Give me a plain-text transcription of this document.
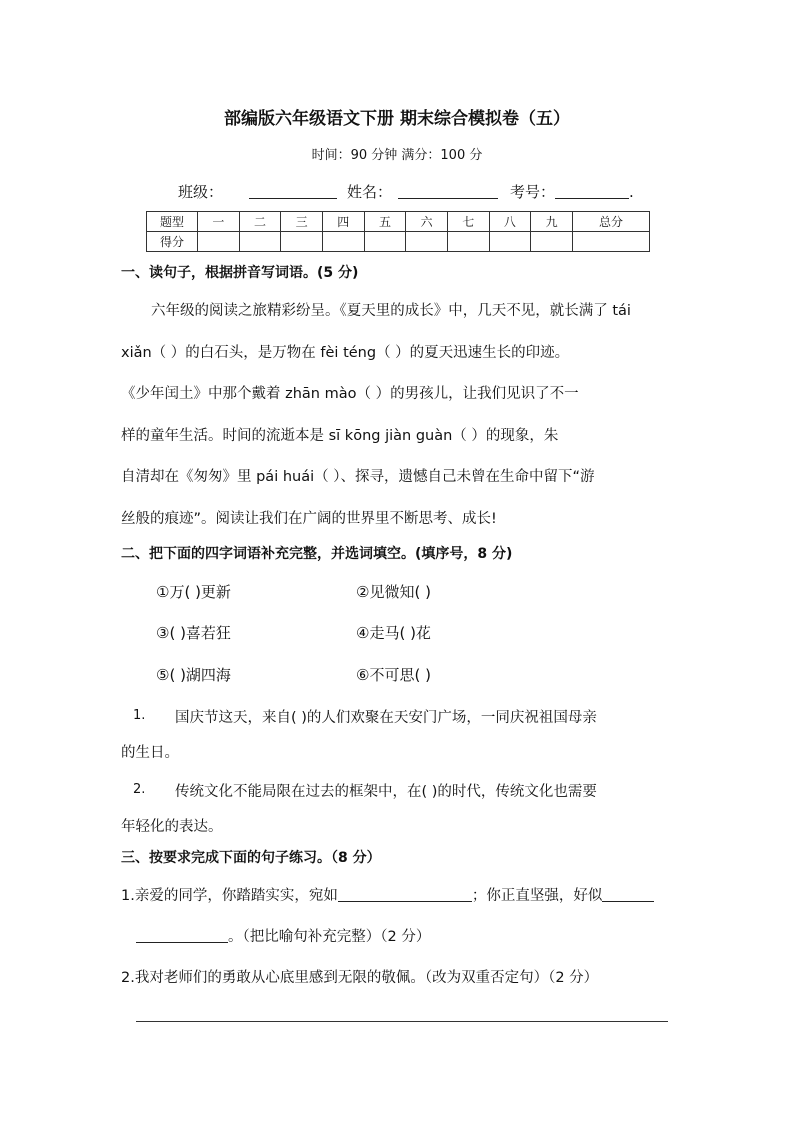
部编版六年级语文下册 期末综合模拟卷（五）
时间：90 分钟 满分：100 分
班级：	姓名：	考号：	.
题型	一	二	三	四	五	六	七	八	九	总分
得分										
一、读句子，根据拼音写词语。(5 分)
六年级的阅读之旅精彩纷呈。《夏天里的成长》中，几天不见，就长满了 tái
xiǎn（ ）的白石头，是万物在 fèi téng（ ）的夏天迅速生长的印迹。
《少年闰土》中那个戴着 zhān mào（ ）的男孩儿，让我们见识了不一
样的童年生活。时间的流逝本是 sī kōng jiàn guàn（ ）的现象，朱
自清却在《匆匆》里 pái huái（ ）、探寻，遗憾自己未曾在生命中留下“游
丝般的痕迹”。阅读让我们在广阔的世界里不断思考、成长!
二、把下面的四字词语补充完整，并选词填空。(填序号，8 分)
①万( )更新	②见微知( )
③( )喜若狂	④走马( )花
⑤( )湖四海	⑥不可思( )
1. 国庆节这天，来自( )的人们欢聚在天安门广场，一同庆祝祖国母亲
的生日。
2. 传统文化不能局限在过去的框架中，在( )的时代，传统文化也需要
年轻化的表达。
三、按要求完成下面的句子练习。（8 分）
1.亲爱的同学，你踏踏实实，宛如	；你正直坚强，好似
。（把比喻句补充完整）（2 分）
2.我对老师们的勇敢从心底里感到无限的敬佩。（改为双重否定句）（2 分）
